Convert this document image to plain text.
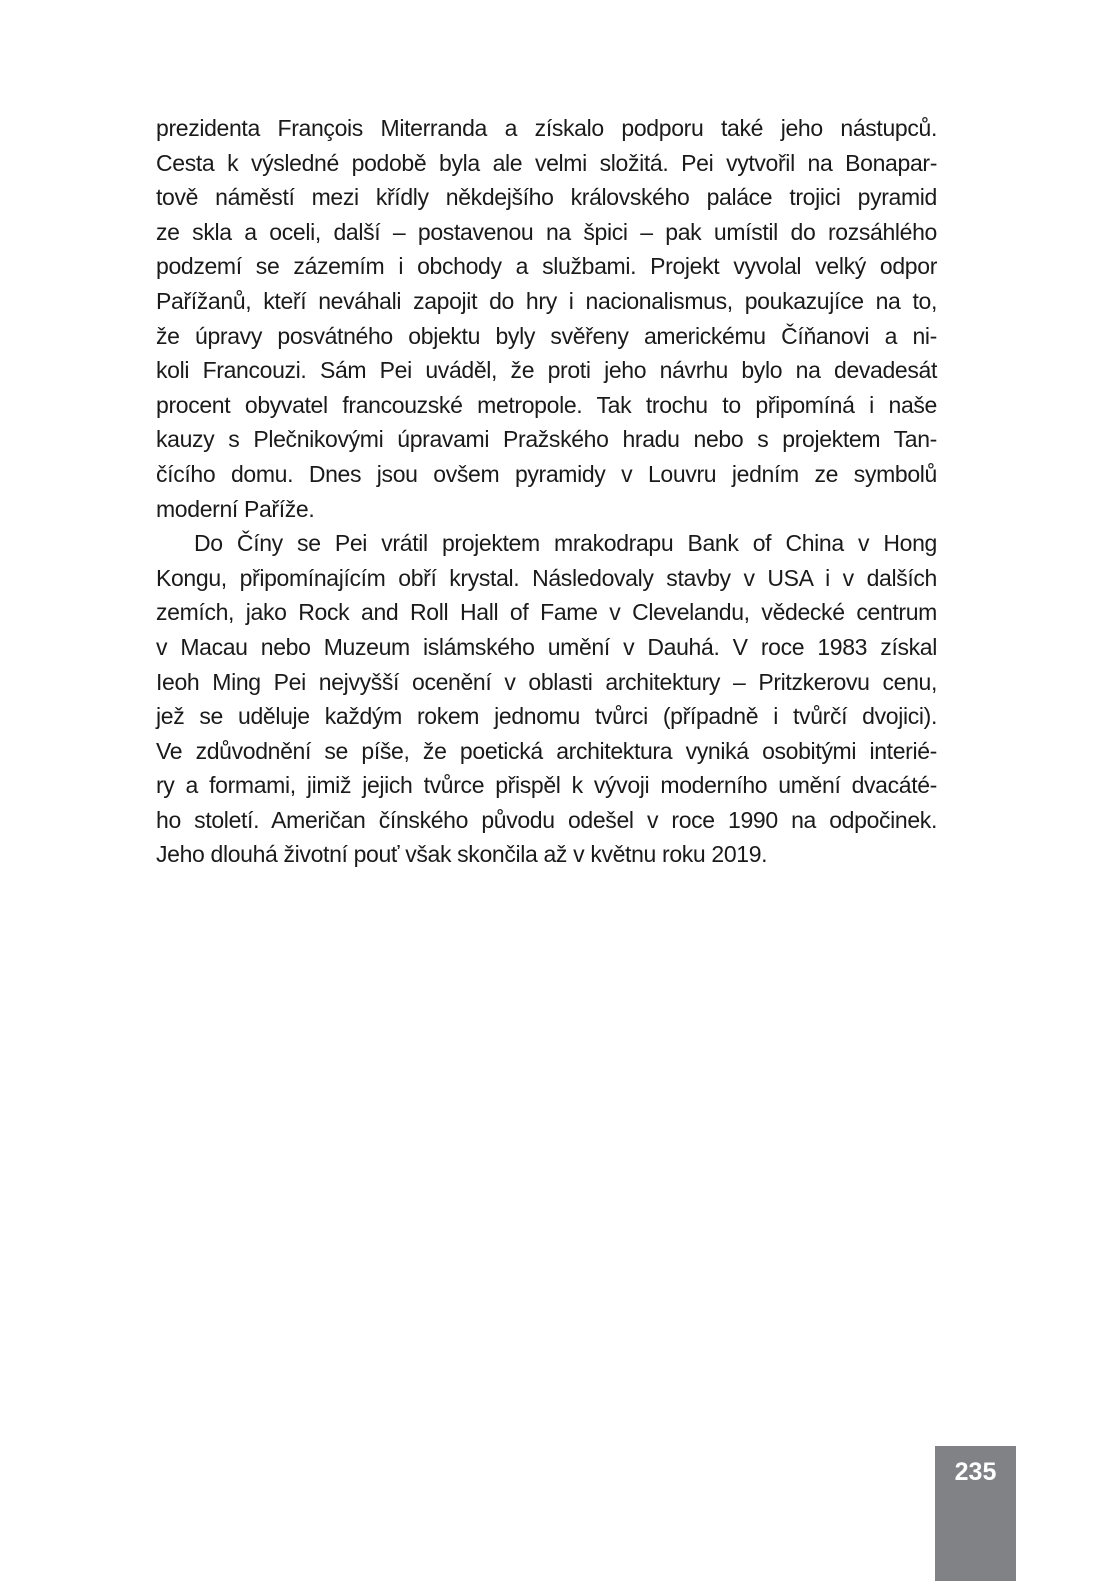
prezidenta François Miterranda a získalo podporu také jeho nástupců.
Cesta k výsledné podobě byla ale velmi složitá. Pei vytvořil na Bonapar-
tově náměstí mezi křídly někdejšího královského paláce trojici pyramid
ze skla a oceli, další – postavenou na špici – pak umístil do rozsáhlého
podzemí se zázemím i obchody a službami. Projekt vyvolal velký odpor
Pařížanů, kteří neváhali zapojit do hry i nacionalismus, poukazujíce na to,
že úpravy posvátného objektu byly svěřeny americkému Číňanovi a ni-
koli Francouzi. Sám Pei uváděl, že proti jeho návrhu bylo na devadesát
procent obyvatel francouzské metropole. Tak trochu to připomíná i naše
kauzy s Plečnikovými úpravami Pražského hradu nebo s projektem Tan-
čícího domu. Dnes jsou ovšem pyramidy v Louvru jedním ze symbolů
moderní Paříže.
Do Číny se Pei vrátil projektem mrakodrapu Bank of China v Hong
Kongu, připomínajícím obří krystal. Následovaly stavby v USA i v dalších
zemích, jako Rock and Roll Hall of Fame v Clevelandu, vědecké centrum
v Macau nebo Muzeum islámského umění v Dauhá. V roce 1983 získal
Ieoh Ming Pei nejvyšší ocenění v oblasti architektury – Pritzkerovu cenu,
jež se uděluje každým rokem jednomu tvůrci (případně i tvůrčí dvojici).
Ve zdůvodnění se píše, že poetická architektura vyniká osobitými interié-
ry a formami, jimiž jejich tvůrce přispěl k vývoji moderního umění dvacáté-
ho století. Američan čínského původu odešel v roce 1990 na odpočinek.
Jeho dlouhá životní pouť však skončila až v květnu roku 2019.
235
